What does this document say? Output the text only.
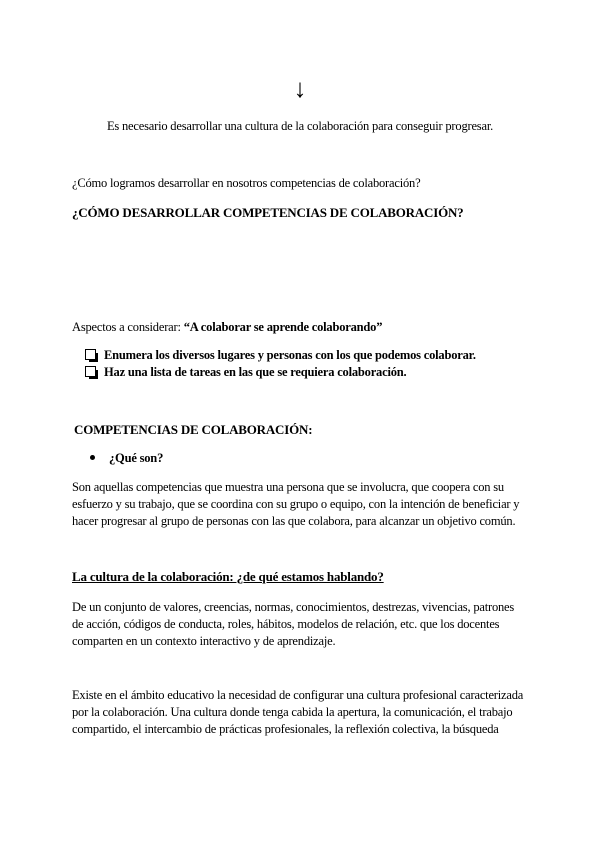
↓
Es necesario desarrollar una cultura de la colaboración para conseguir progresar.
¿Cómo logramos desarrollar en nosotros competencias de colaboración?
¿CÓMO DESARROLLAR COMPETENCIAS DE COLABORACIÓN?
Aspectos a considerar: “A colaborar se aprende colaborando”
Enumera los diversos lugares y personas con los que podemos colaborar.
Haz una lista de tareas en las que se requiera colaboración.
COMPETENCIAS DE COLABORACIÓN:
¿Qué son?
Son aquellas competencias que muestra una persona que se involucra, que coopera con su
esfuerzo y su trabajo, que se coordina con su grupo o equipo, con la intención de beneficiar y
hacer progresar al grupo de personas con las que colabora, para alcanzar un objetivo común.
La cultura de la colaboración: ¿de qué estamos hablando?
De un conjunto de valores, creencias, normas, conocimientos, destrezas, vivencias, patrones
de acción, códigos de conducta, roles, hábitos, modelos de relación, etc. que los docentes
comparten en un contexto interactivo y de aprendizaje.
Existe en el ámbito educativo la necesidad de configurar una cultura profesional caracterizada
por la colaboración. Una cultura donde tenga cabida la apertura, la comunicación, el trabajo
compartido, el intercambio de prácticas profesionales, la reflexión colectiva, la búsqueda
